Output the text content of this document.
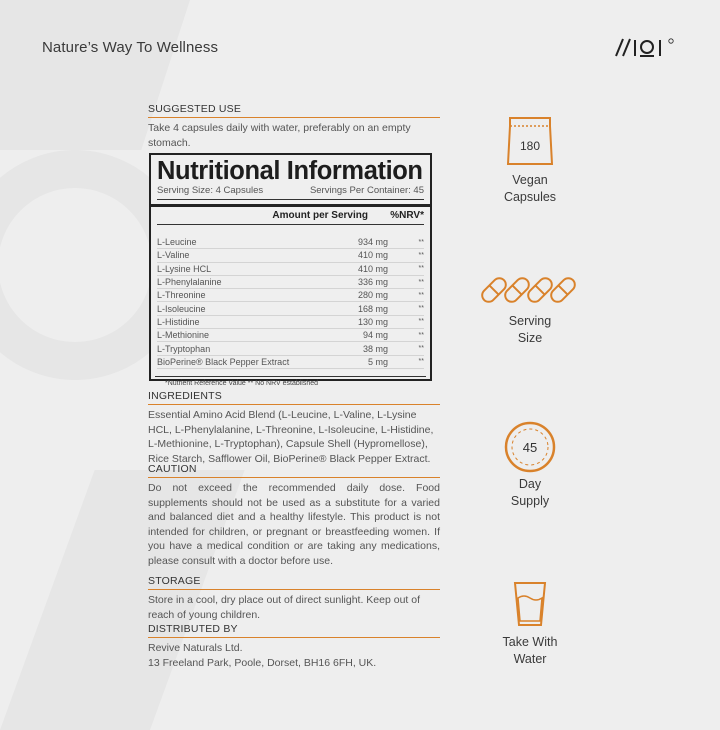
Nature’s Way To Wellness
SUGGESTED USE
Take 4 capsules daily with water, preferably on an empty stomach.
Nutritional Information
Serving Size: 4 Capsules	Servings Per Container: 45
Amount per Serving	%NRV*
L-Leucine	934 mg	**
L-Valine	410 mg	**
L-Lysine HCL	410 mg	**
L-Phenylalanine	336 mg	**
L-Threonine	280 mg	**
L-Isoleucine	168 mg	**
L-Histidine	130 mg	**
L-Methionine	94 mg	**
L-Tryptophan	38 mg	**
BioPerine® Black Pepper Extract	5 mg	**
*Nutrient Reference Value ** No NRV established
INGREDIENTS
Essential Amino Acid Blend (L-Leucine, L-Valine, L-Lysine HCL, L-Phenylalanine, L-Threonine, L-Isoleucine, L-Histidine, L-Methionine, L-Tryptophan), Capsule Shell (Hypromellose), Rice Starch, Safflower Oil, BioPerine® Black Pepper Extract.
CAUTION
Do not exceed the recommended daily dose. Food supplements should not be used as a substitute for a varied and balanced diet and a healthy lifestyle. This product is not intended for children, or pregnant or breastfeeding women. If you have a medical condition or are taking any medications, please consult with a doctor before use.
STORAGE
Store in a cool, dry place out of direct sunlight. Keep out of reach of young children.
DISTRIBUTED BY
Revive Naturals Ltd.
13 Freeland Park, Poole, Dorset, BH16 6FH, UK.
180
Vegan
Capsules
Serving
Size
45
Day
Supply
Take With
Water
